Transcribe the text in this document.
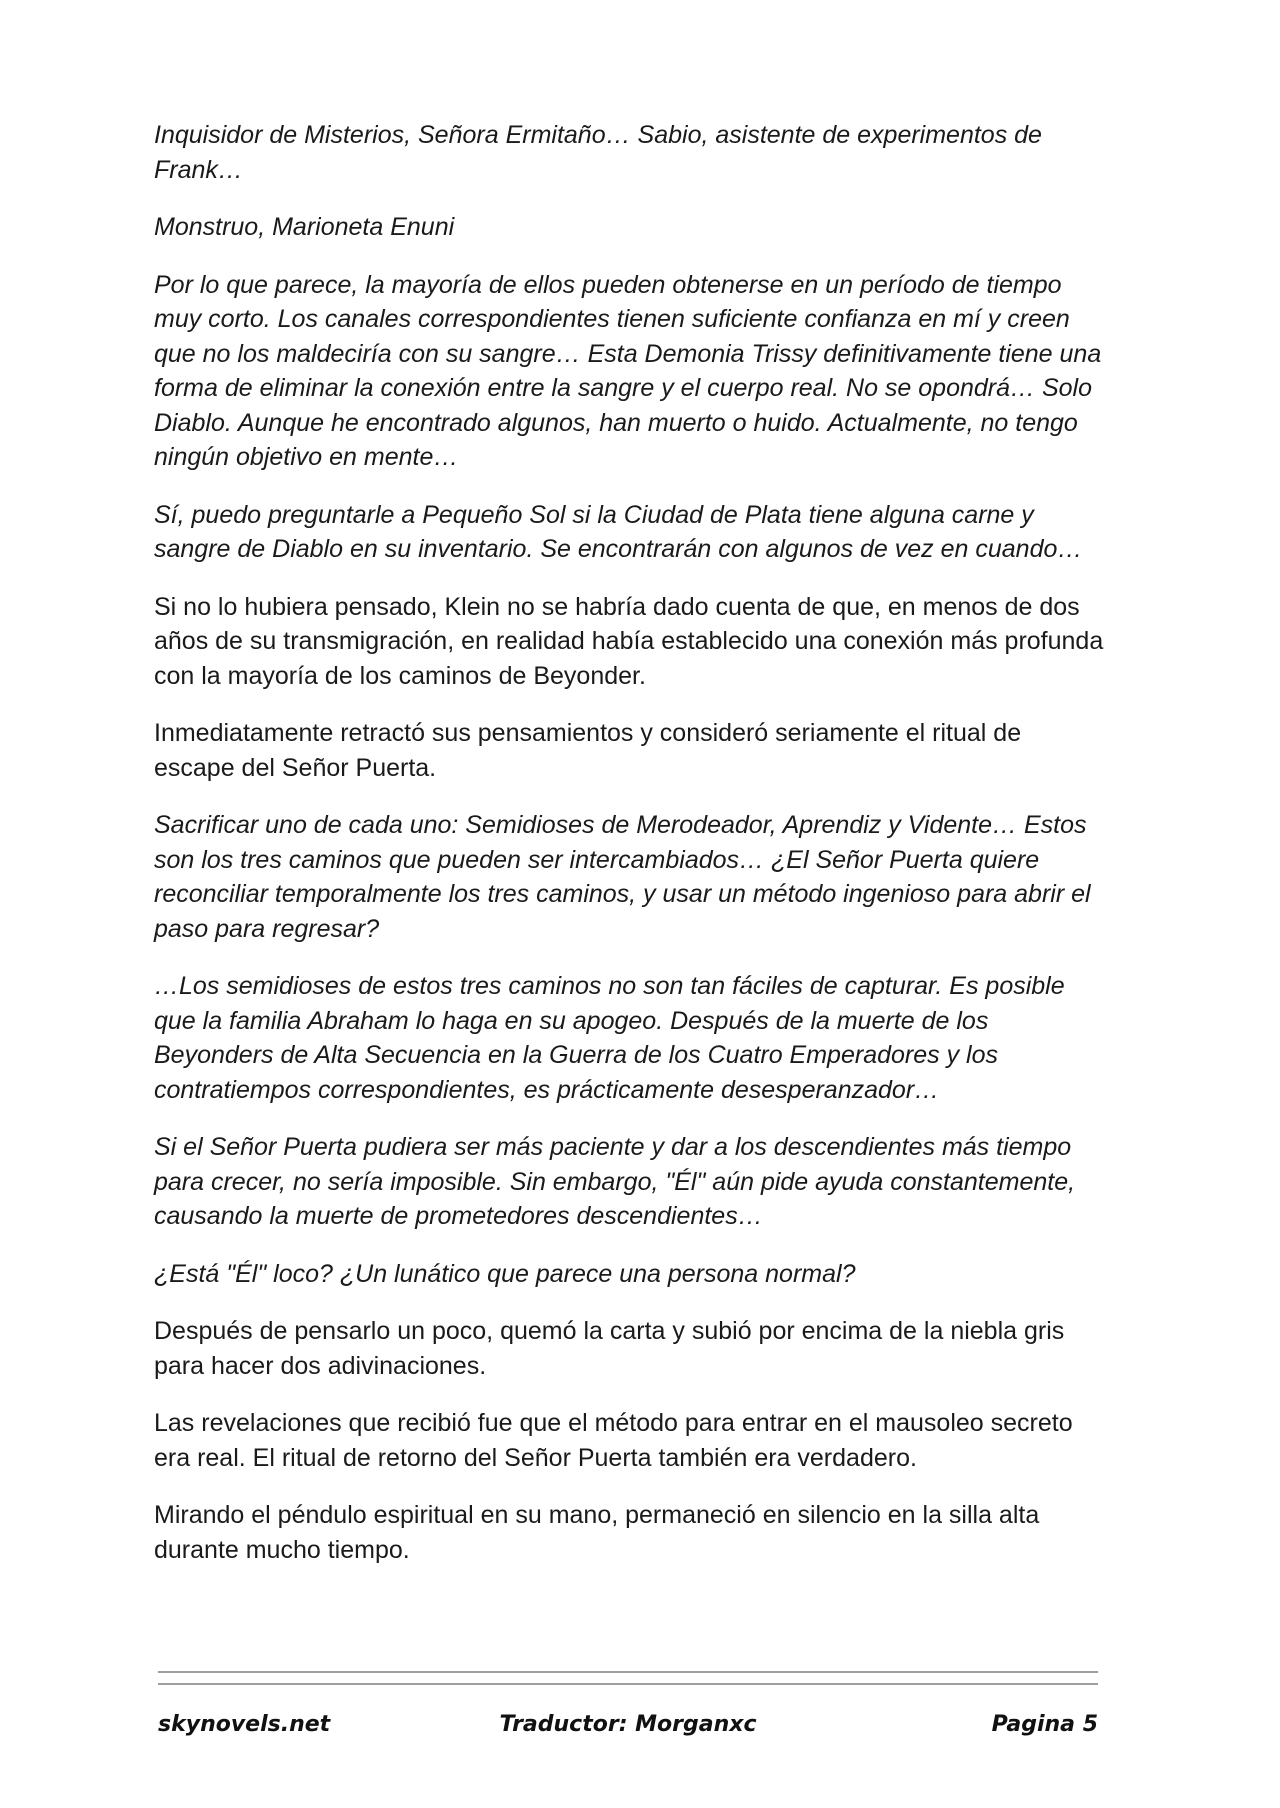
Inquisidor de Misterios, Señora Ermitaño… Sabio, asistente de experimentos de Frank…

Monstruo, Marioneta Enuni

Por lo que parece, la mayoría de ellos pueden obtenerse en un período de tiempo muy corto. Los canales correspondientes tienen suficiente confianza en mí y creen que no los maldeciría con su sangre… Esta Demonia Trissy definitivamente tiene una forma de eliminar la conexión entre la sangre y el cuerpo real. No se opondrá… Solo Diablo. Aunque he encontrado algunos, han muerto o huido. Actualmente, no tengo ningún objetivo en mente…

Sí, puedo preguntarle a Pequeño Sol si la Ciudad de Plata tiene alguna carne y sangre de Diablo en su inventario. Se encontrarán con algunos de vez en cuando…

Si no lo hubiera pensado, Klein no se habría dado cuenta de que, en menos de dos años de su transmigración, en realidad había establecido una conexión más profunda con la mayoría de los caminos de Beyonder.

Inmediatamente retractó sus pensamientos y consideró seriamente el ritual de escape del Señor Puerta.

Sacrificar uno de cada uno: Semidioses de Merodeador, Aprendiz y Vidente… Estos son los tres caminos que pueden ser intercambiados… ¿El Señor Puerta quiere reconciliar temporalmente los tres caminos, y usar un método ingenioso para abrir el paso para regresar?

…Los semidioses de estos tres caminos no son tan fáciles de capturar. Es posible que la familia Abraham lo haga en su apogeo. Después de la muerte de los Beyonders de Alta Secuencia en la Guerra de los Cuatro Emperadores y los contratiempos correspondientes, es prácticamente desesperanzador…

Si el Señor Puerta pudiera ser más paciente y dar a los descendientes más tiempo para crecer, no sería imposible. Sin embargo, "Él" aún pide ayuda constantemente, causando la muerte de prometedores descendientes…

¿Está "Él" loco? ¿Un lunático que parece una persona normal?

Después de pensarlo un poco, quemó la carta y subió por encima de la niebla gris para hacer dos adivinaciones.

Las revelaciones que recibió fue que el método para entrar en el mausoleo secreto era real. El ritual de retorno del Señor Puerta también era verdadero.

Mirando el péndulo espiritual en su mano, permaneció en silencio en la silla alta durante mucho tiempo.

skynovels.net	Traductor: Morganxc	Pagina 5
